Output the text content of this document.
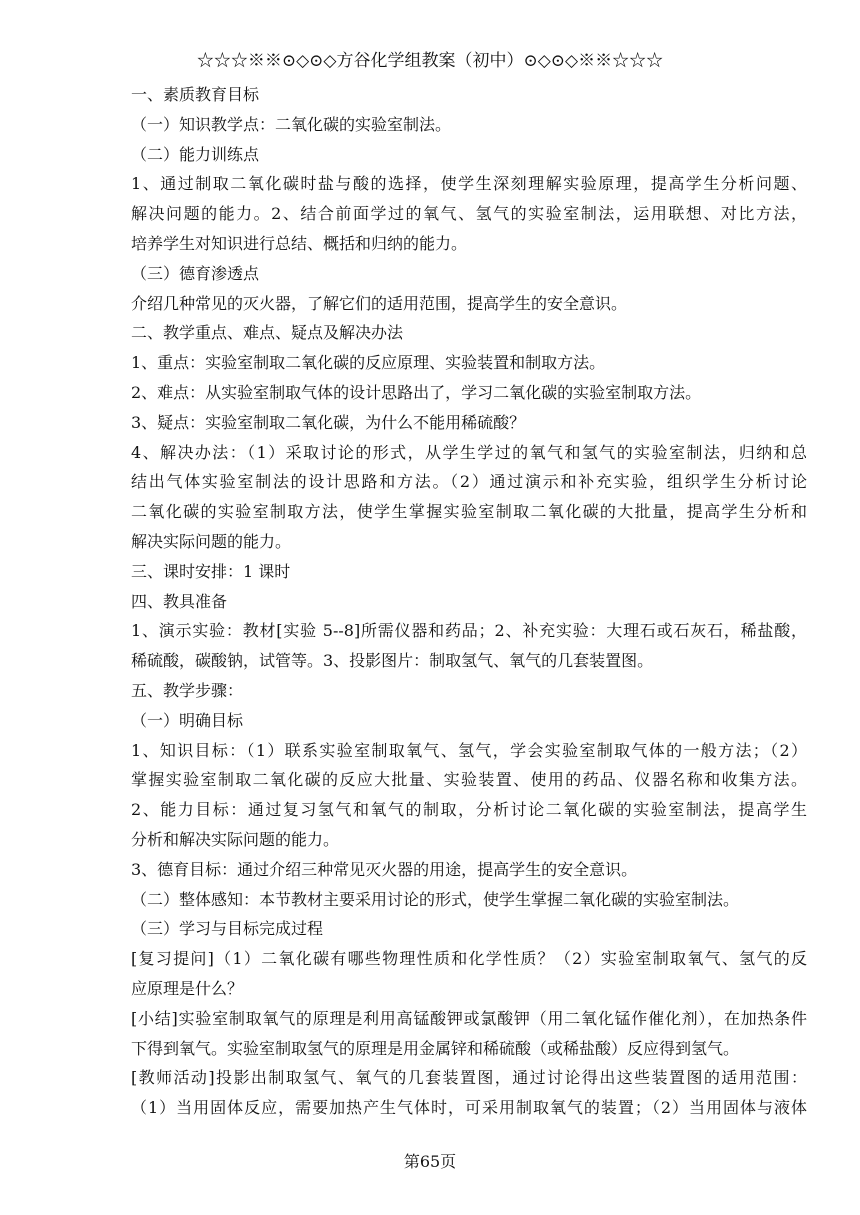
☆☆☆※※⊙◇⊙◇方谷化学组教案（初中）⊙◇⊙◇※※☆☆☆
一、素质教育目标
（一）知识教学点：二氧化碳的实验室制法。
（二）能力训练点
1、通过制取二氧化碳时盐与酸的选择，使学生深刻理解实验原理，提高学生分析问题、
解决问题的能力。2、结合前面学过的氧气、氢气的实验室制法，运用联想、对比方法，
培养学生对知识进行总结、概括和归纳的能力。
（三）德育渗透点
介绍几种常见的灭火器，了解它们的适用范围，提高学生的安全意识。
二、教学重点、难点、疑点及解决办法
1、重点：实验室制取二氧化碳的反应原理、实验装置和制取方法。
2、难点：从实验室制取气体的设计思路出了，学习二氧化碳的实验室制取方法。
3、疑点：实验室制取二氧化碳，为什么不能用稀硫酸？
4、解决办法：（1）采取讨论的形式，从学生学过的氧气和氢气的实验室制法，归纳和总
结出气体实验室制法的设计思路和方法。（2）通过演示和补充实验，组织学生分析讨论
二氧化碳的实验室制取方法，使学生掌握实验室制取二氧化碳的大批量，提高学生分析和
解决实际问题的能力。
三、课时安排：1 课时
四、教具准备
1、演示实验：教材[实验 5--8]所需仪器和药品；2、补充实验：大理石或石灰石，稀盐酸，
稀硫酸，碳酸钠，试管等。3、投影图片：制取氢气、氧气的几套装置图。
五、教学步骤：
（一）明确目标
1、知识目标：（1）联系实验室制取氧气、氢气，学会实验室制取气体的一般方法；（2）
掌握实验室制取二氧化碳的反应大批量、实验装置、使用的药品、仪器名称和收集方法。
2、能力目标：通过复习氢气和氧气的制取，分析讨论二氧化碳的实验室制法，提高学生
分析和解决实际问题的能力。
3、德育目标：通过介绍三种常见灭火器的用途，提高学生的安全意识。
（二）整体感知：本节教材主要采用讨论的形式，使学生掌握二氧化碳的实验室制法。
（三）学习与目标完成过程
[复习提问]（1）二氧化碳有哪些物理性质和化学性质？（2）实验室制取氧气、氢气的反
应原理是什么？
[小结]实验室制取氧气的原理是利用高锰酸钾或氯酸钾（用二氧化锰作催化剂），在加热条件
下得到氧气。实验室制取氢气的原理是用金属锌和稀硫酸（或稀盐酸）反应得到氢气。
[教师活动]投影出制取氢气、氧气的几套装置图，通过讨论得出这些装置图的适用范围：
（1）当用固体反应，需要加热产生气体时，可采用制取氧气的装置；（2）当用固体与液体
第65页
